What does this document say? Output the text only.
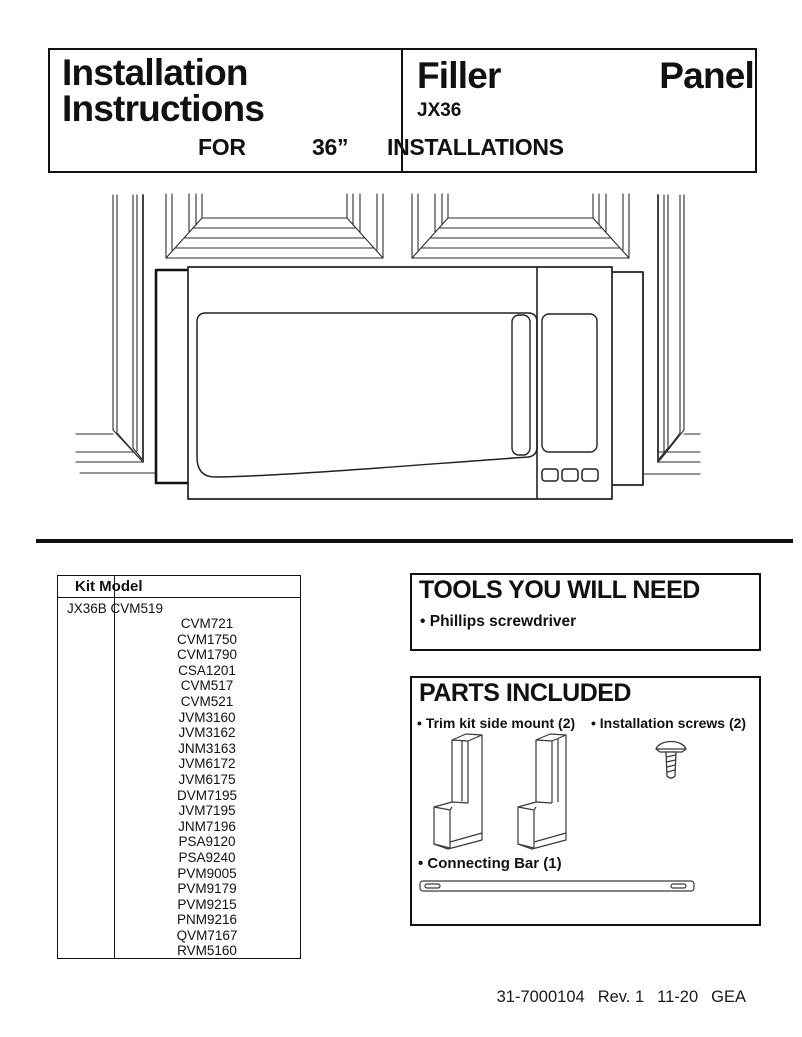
Installation
Instructions
FOR	36” INSTALLATIONS
Filler	Panel
JX36
Kit Model
JX36B CVM519
CVM721
CVM1750
CVM1790
CSA1201
CVM517
CVM521
JVM3160
JVM3162
JNM3163
JVM6172
JVM6175
DVM7195
JVM7195
JNM7196
PSA9120
PSA9240
PVM9005
PVM9179
PVM9215
PNM9216
QVM7167
RVM5160
TOOLS YOU WILL NEED
• Phillips screwdriver
PARTS INCLUDED
• Trim kit side mount (2)	• Installation screws (2)
• Connecting Bar (1)
31-7000104 Rev. 1 11-20 GEA
